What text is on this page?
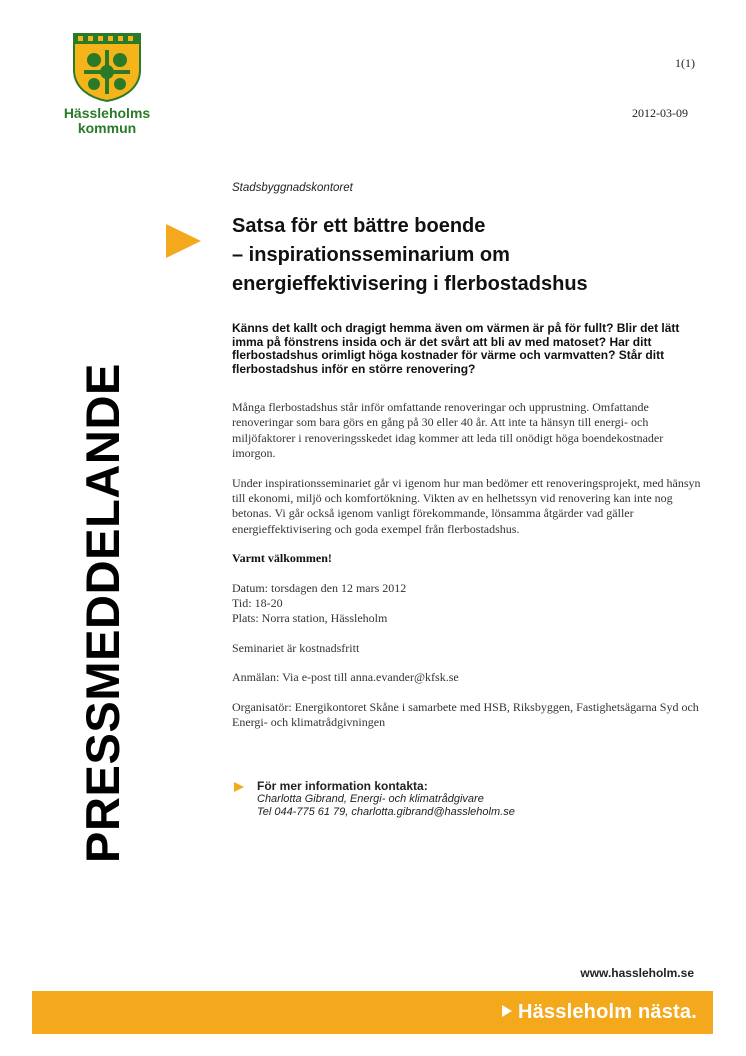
Hässleholms
kommun
1(1)
2012-03-09
PRESSMEDDELANDE
Stadsbyggnadskontoret
Satsa för ett bättre boende
– inspirationsseminarium om
energieffektivisering i flerbostadshus
Känns det kallt och dragigt hemma även om värmen är på för fullt? Blir det lätt imma på fönstrens insida och är det svårt att bli av med matoset? Har ditt flerbostadshus orimligt höga kostnader för värme och varmvatten? Står ditt flerbostadshus inför en större renovering?

Många flerbostadshus står inför omfattande renoveringar och upprustning. Omfattande renoveringar som bara görs en gång på 30 eller 40 år. Att inte ta hänsyn till energi- och miljöfaktorer i renoveringsskedet idag kommer att leda till onödigt höga boendekostnader imorgon.

Under inspirationsseminariet går vi igenom hur man bedömer ett renoveringsprojekt, med hänsyn till ekonomi, miljö och komfortökning. Vikten av en helhetssyn vid renovering kan inte nog betonas. Vi går också igenom vanligt förekommande, lönsamma åtgärder vad gäller energieffektivisering och goda exempel från flerbostadshus.

Varmt välkommen!

Datum: torsdagen den 12 mars 2012

Tid: 18-20

Plats: Norra station, Hässleholm

Seminariet är kostnadsfritt

Anmälan: Via e-post till anna.evander@kfsk.se

Organisatör: Energikontoret Skåne i samarbete med HSB, Riksbyggen, Fastighetsägarna Syd och Energi- och klimatrådgivningen

För mer information kontakta:
Charlotta Gibrand, Energi- och klimatrådgivare
Tel 044-775 61 79, charlotta.gibrand@hassleholm.se
www.hassleholm.se
Hässleholm nästa.
